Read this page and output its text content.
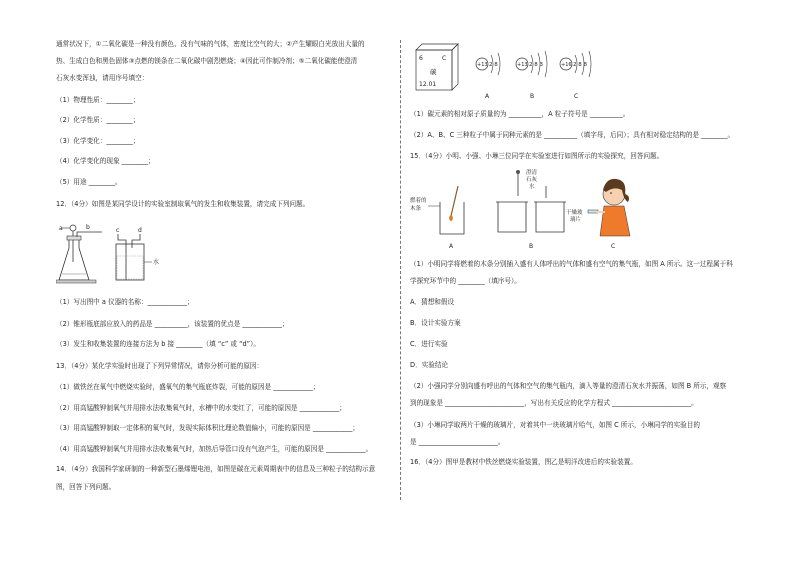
通常状况下，①二氧化碳是一种没有颜色、没有气味的气体，密度比空气的大；②产生耀眼白光放出大量的
热、生成白色和黑色固体③点燃的镁条在二氧化碳中剧烈燃烧；④因此可作制冷剂；⑤二氧化碳能使澄清
石灰水变浑浊，请用序号填空：
（1）物理性质：________；
（2）化学性质：________；
（3）化学变化：________；
（4）化学变化的现象 ________；
（5）用途 ________。
12．（4分）如图是某同学设计的实验室制取氧气的发生和收集装置，请完成下列问题。
a	b	c	d
水
（1）写出图中 a 仪器的名称：____________；
（2）锥形瓶底部应放入的药品是 __________，该装置的优点是 ____________；
（3）发生和收集装置的连接方法为 b 接 ________（填 “c” 或 “d”）。
13．（4分）某化学实验时出现了下列异常情况，请你分析可能的原因：
（1）做铁丝在氧气中燃烧实验时，盛氧气的集气瓶底炸裂，可能的原因是 ____________；
（2）用高锰酸钾制氧气并用排水法收集氧气时，水槽中的水变红了，可能的原因是 ____________；
（3）用高锰酸钾制取一定体积的氧气时，发现实际体积比理论数值偏小，可能的原因是 ____________；
（4）用高锰酸钾制氧气并用排水法收集氧气时，加热后导管口没有气泡产生，可能的原因是 ____________。
14．（4分）我国科学家研制的一种新型石墨烯锂电池，如图是碳在元素周期表中的信息及三种粒子的结构示意
图，回答下列问题。
6	C
碳
12.01
+13 2 8
A
+13 2 8 3
B
+16 2 8 8
C
（1）碳元素的相对原子质量的为 __________，A 粒子符号是 __________。
（2）A、B、C 三种粒子中属于同种元素的是 __________（填字母，后同）；具有相对稳定结构的是 ________。
15．（4分）小明、小强、小琳三位同学在实验室进行如图所示的实验探究，回答问题。
燃着的
木条
A
澄清
石灰
水
B
干燥玻
璃片
C
（1）小明同学将燃着的木条分别插入盛有人体呼出的气体和盛有空气的集气瓶，如图 A 所示。这一过程属于科
学探究环节中的 ________（填序号）。
A．猜想和假设
B．设计实验方案
C．进行实验
D．实验结论
（2）小强同学分别向盛有呼出的气体和空气的集气瓶内，滴入等量的澄清石灰水并振荡，如图 B 所示，观察
到的现象是 ________________________，写出有关反应的化学方程式 ________________________。
（3）小琳同学取两片干燥的玻璃片，对着其中一块玻璃片哈气，如图 C 所示，小琳同学的实验目的
是 ________________________。
16．（4分）图甲是教材中铁丝燃烧实验装置，图乙是明洋改进后的实验装置。
